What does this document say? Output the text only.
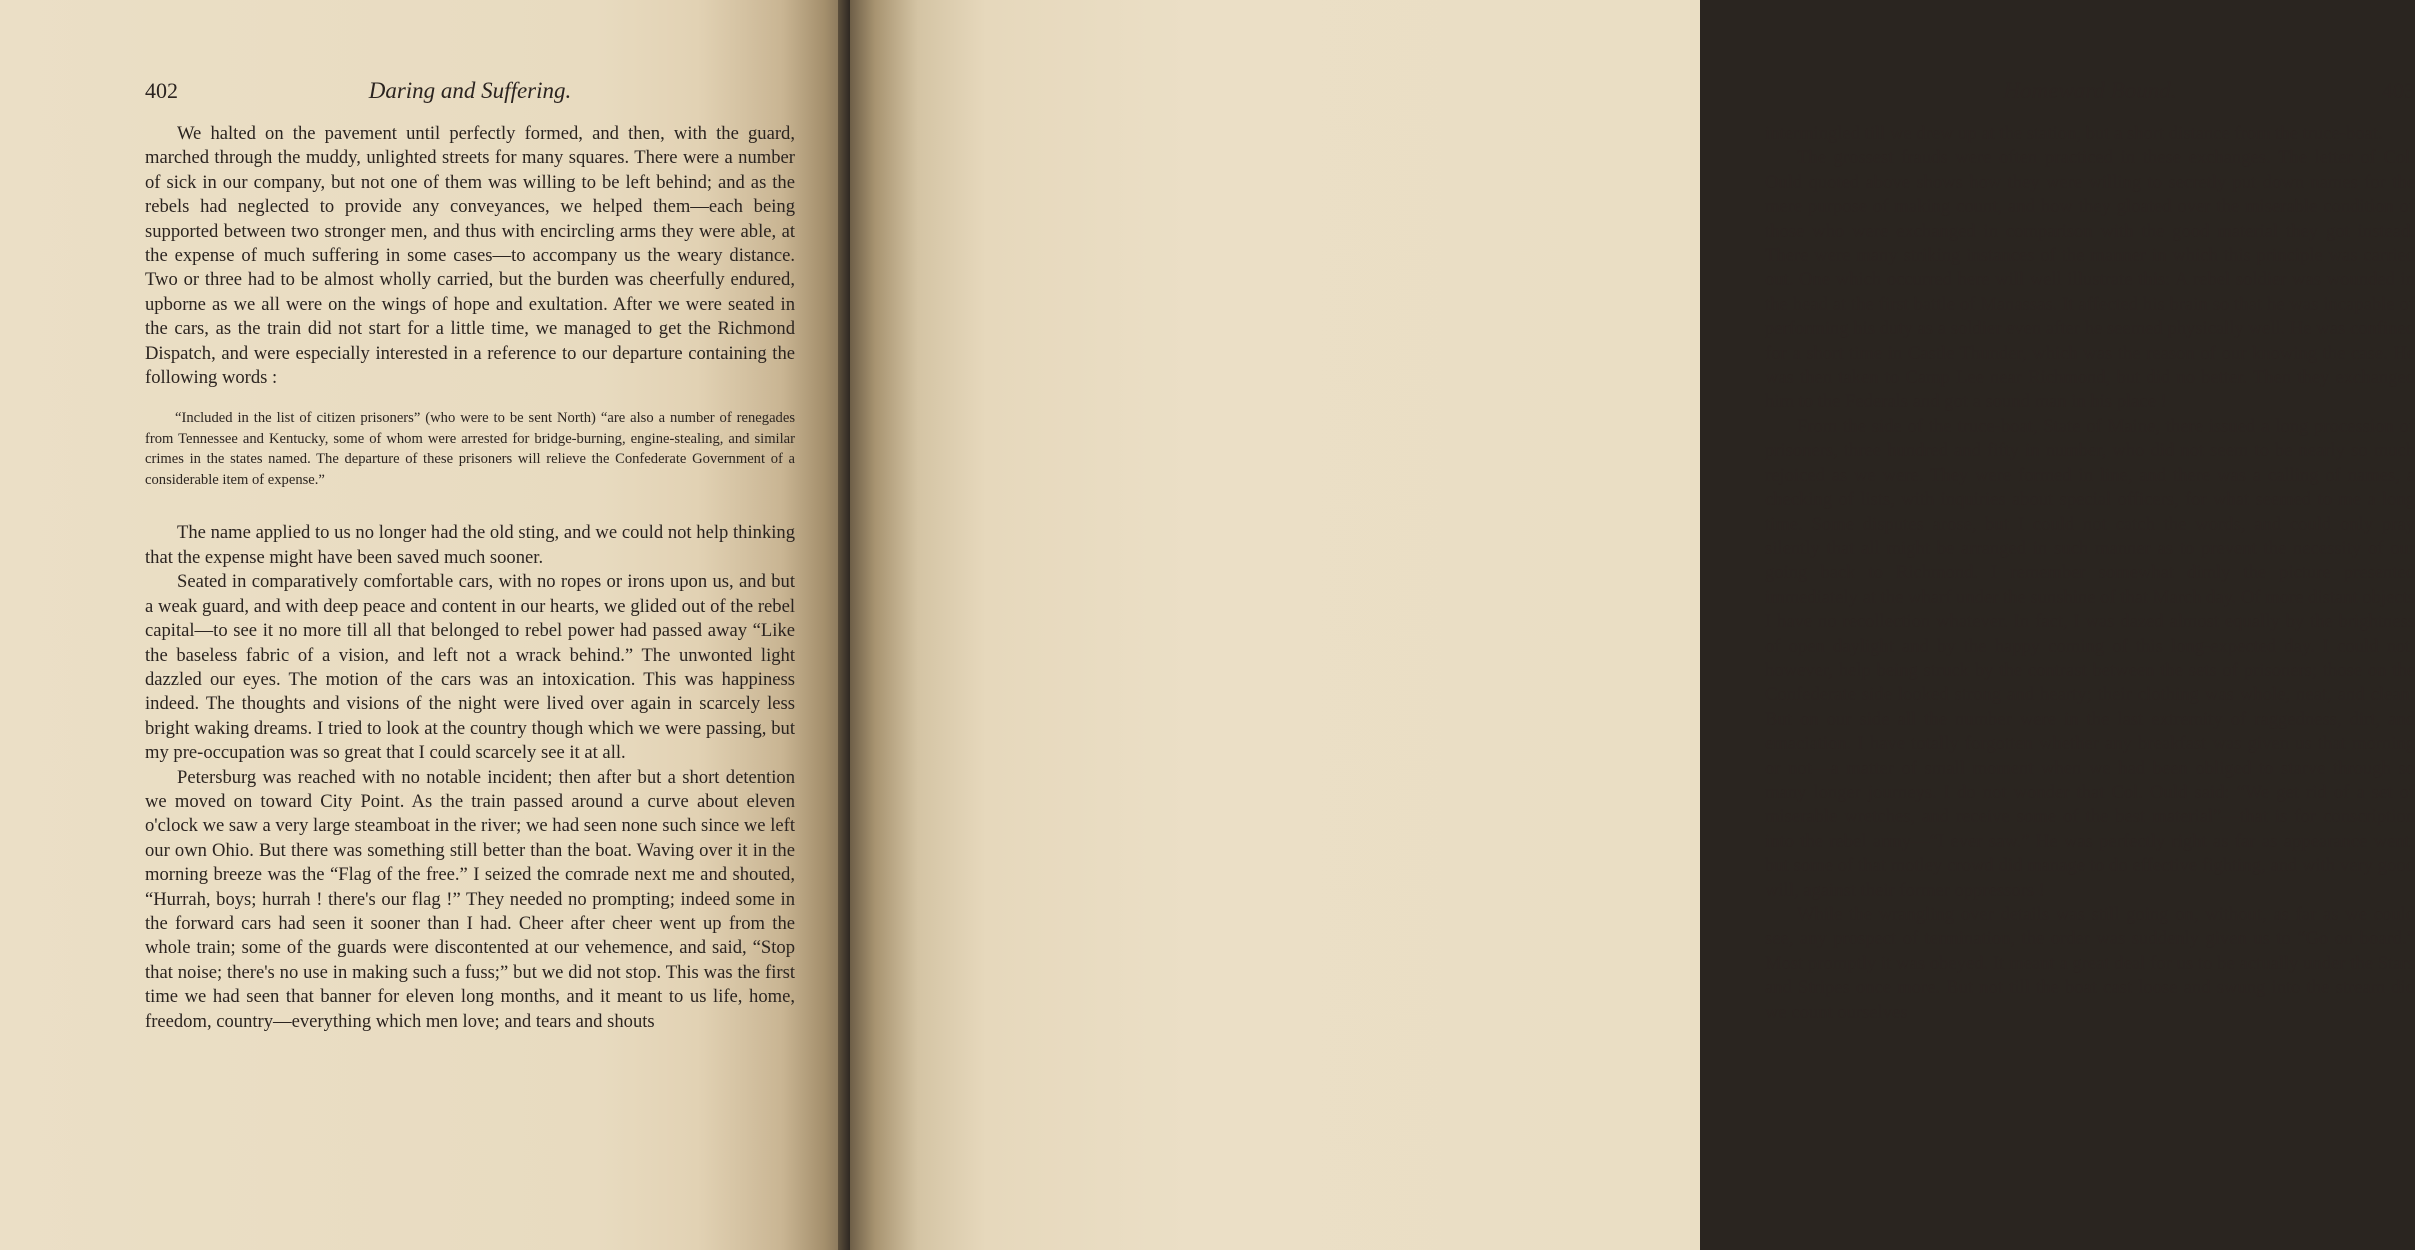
402	Daring and Suffering.

We halted on the pavement until perfectly formed, and then, with the guard, marched through the muddy, unlighted streets for many squares. There were a number of sick in our company, but not one of them was willing to be left behind; and as the rebels had neglected to provide any conveyances, we helped them—each being supported between two stronger men, and thus with encircling arms they were able, at the expense of much suffering in some cases—to accompany us the weary distance. Two or three had to be almost wholly carried, but the burden was cheerfully endured, upborne as we all were on the wings of hope and exultation. After we were seated in the cars, as the train did not start for a little time, we managed to get the Richmond Dispatch, and were especially interested in a reference to our departure containing the following words :

“Included in the list of citizen prisoners” (who were to be sent North) “are also a number of renegades from Tennessee and Kentucky, some of whom were arrested for bridge-burning, engine-stealing, and similar crimes in the states named. The departure of these prisoners will relieve the Confederate Government of a considerable item of expense.”

The name applied to us no longer had the old sting, and we could not help thinking that the expense might have been saved much sooner.

Seated in comparatively comfortable cars, with no ropes or irons upon us, and but a weak guard, and with deep peace and content in our hearts, we glided out of the rebel capital—to see it no more till all that belonged to rebel power had passed away “Like the baseless fabric of a vision, and left not a wrack behind.” The unwonted light dazzled our eyes. The motion of the cars was an intoxication. This was happiness indeed. The thoughts and visions of the night were lived over again in scarcely less bright waking dreams. I tried to look at the country though which we were passing, but my pre-occupation was so great that I could scarcely see it at all.

Petersburg was reached with no notable incident; then after but a short detention we moved on toward City Point. As the train passed around a curve about eleven o'clock we saw a very large steamboat in the river; we had seen none such since we left our own Ohio. But there was something still better than the boat. Waving over it in the morning breeze was the “Flag of the free.” I seized the comrade next me and shouted, “Hurrah, boys; hurrah ! there's our flag !” They needed no prompting; indeed some in the forward cars had seen it sooner than I had. Cheer after cheer went up from the whole train; some of the guards were discontented at our vehemence, and said, “Stop that noise; there's no use in making such a fuss;” but we did not stop. This was the first time we had seen that banner for eleven long months, and it meant to us life, home, freedom, country—everything which men love; and tears and shouts

Homeward Bound.	403

intermingled till we drew up at the station, but a short distance from the truce-boat.

The grossest frauds were often practiced in these exchanges. The letter of Col. Ould quoted above shows how they were willing to secretly put down names for the mere purpose of making count, and how they gloated over the miserable condition of those who were exchanged in comparison with the good material they got instead. There were many striking instances of the manner in which this principle was carried out. One which occurred here will well illustrate this: A rebel soldier was wounded in the head at the first battle of Manassas. It affected his brain so that he was incapable of performing his duty as a soldier even after he seemed physically well. He was confined for a short time in Castle Thunder, which was the reason of our knowing the case. He was then taken to Camp Lee near Richmond, but did no better. Then they exchanged him to the Federals and got a sound man in his place !

From the side of the truce-boat, State of Maine, there issued a long procession of prisoners, three hundred and fifty in number, who did not seem to be nearly so much rejoiced as we were. They were formed in line, and there was a calling of names, a checking of lists, with inquiries about special officers, for what seemed to me a long time. Some disputes arose, but I could not catch the words, and could only pray silently that all might be arranged in such manner as to prevent the necessity of our going back to Richmond. I remember somewhat dimly the picture presented immediately at the wharf under the sunshine of that March day. Of more distant objects I have no recollection whatever. In fact, I was dazed almost equally by the brightness of open daylight and by the happy coming of this long-expected day. I could not, however, help being struck by the contrast between the sets of prisoners; those on the Confederate side looked strong and hearty; their clothing was whole, neat, and clean: But on our side all the number were in the last extremity of raggedness, dirt, and emaciation. I have totally forgotten whether any breakfast was given us that morning or not—a matter of small moment when we had been obliged to starve through so many longer journeys. I do not wonder that Col. Ould said: “We get rid of a set of miserable wretches, and receive some of the best material”—that is for conscription into the rebel army—“I ever saw.” He was perfectly right as far as appearance went; but some of that motley crowd did manage to do effective fighting, and with very good will, against their former oppressors !

While the wrangling over details was still going on, without, as far as we could see, any prospect of termination, the order was suddenly given us to “Go on board.” Most promptly it was obeyed. It meant a great deal for us to be actually under the Stars and Stripes once more. But not till the boat cast loose and swung into the stream did we count ourselves
